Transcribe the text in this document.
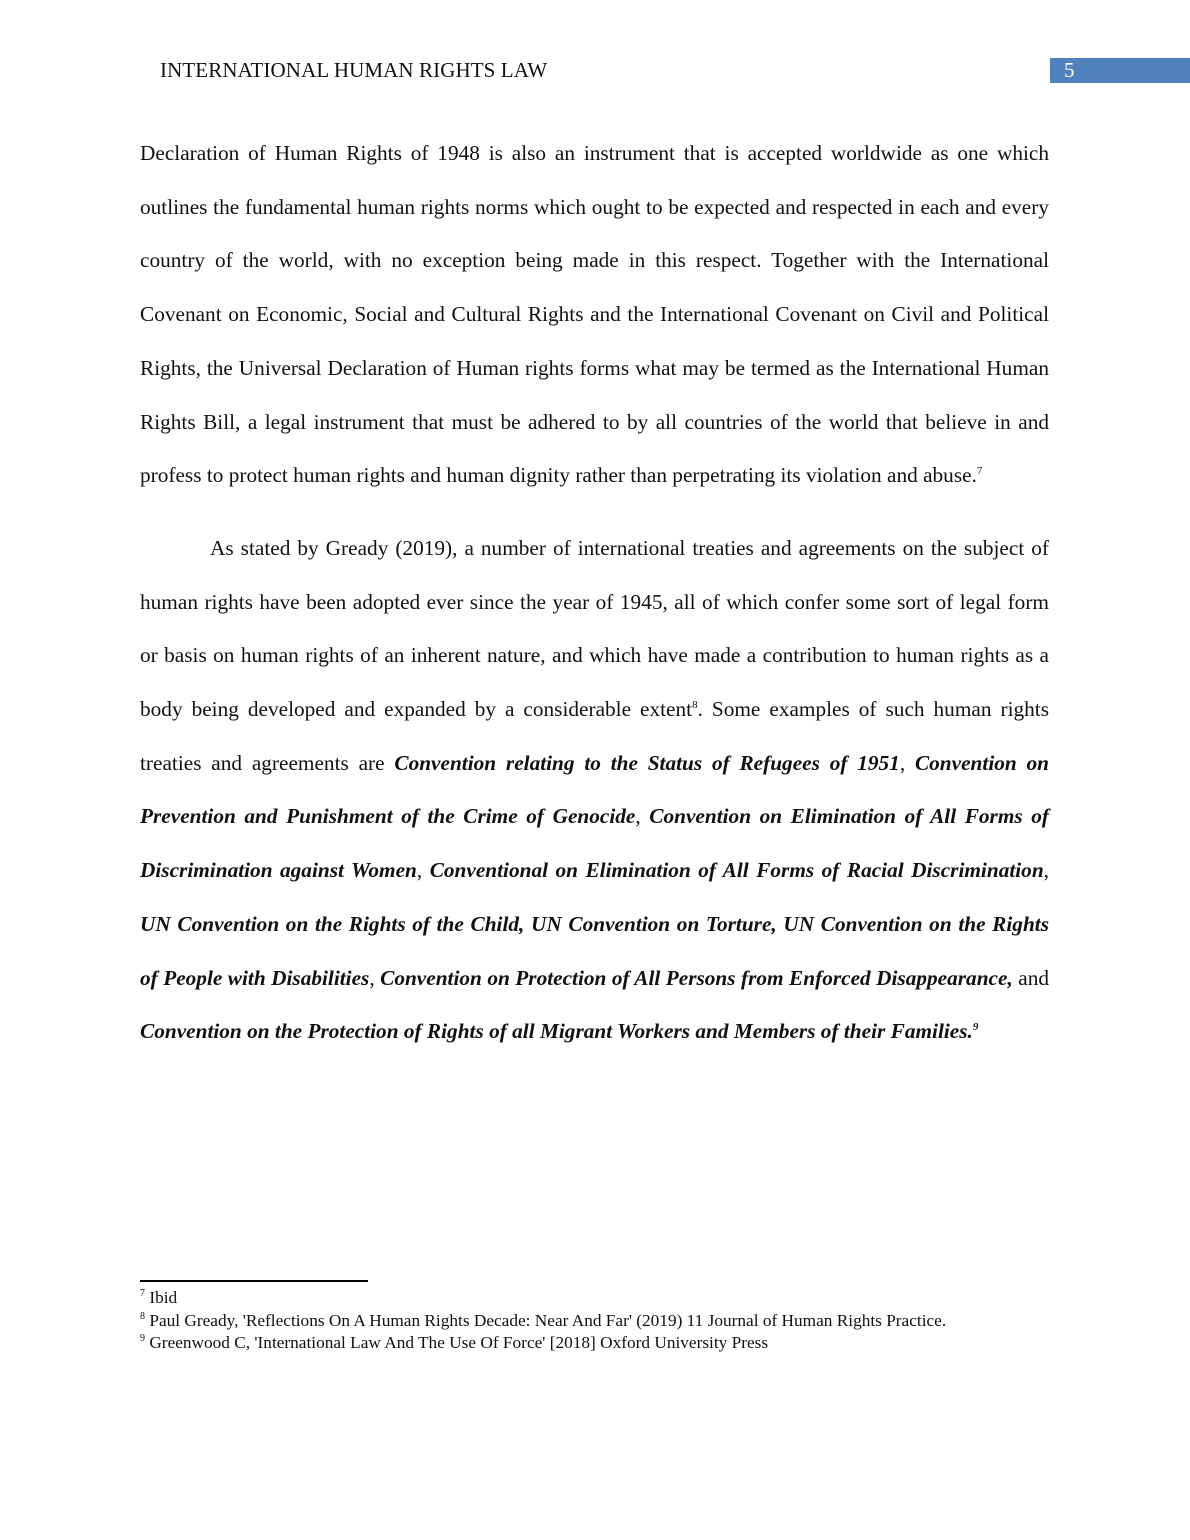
INTERNATIONAL HUMAN RIGHTS LAW	5

Declaration of Human Rights of 1948 is also an instrument that is accepted worldwide as one which outlines the fundamental human rights norms which ought to be expected and respected in each and every country of the world, with no exception being made in this respect. Together with the International Covenant on Economic, Social and Cultural Rights and the International Covenant on Civil and Political Rights, the Universal Declaration of Human rights forms what may be termed as the International Human Rights Bill, a legal instrument that must be adhered to by all countries of the world that believe in and profess to protect human rights and human dignity rather than perpetrating its violation and abuse.$^7$

As stated by Gready (2019), a number of international treaties and agreements on the subject of human rights have been adopted ever since the year of 1945, all of which confer some sort of legal form or basis on human rights of an inherent nature, and which have made a contribution to human rights as a body being developed and expanded by a considerable extent$^8$. Some examples of such human rights treaties and agreements are Convention relating to the Status of Refugees of 1951, Convention on Prevention and Punishment of the Crime of Genocide, Convention on Elimination of All Forms of Discrimination against Women, Conventional on Elimination of All Forms of Racial Discrimination, UN Convention on the Rights of the Child, UN Convention on Torture, UN Convention on the Rights of People with Disabilities, Convention on Protection of All Persons from Enforced Disappearance, and Convention on the Protection of Rights of all Migrant Workers and Members of their Families.$^9$

$^7$ Ibid

$^8$ Paul Gready, 'Reflections On A Human Rights Decade: Near And Far' (2019) 11 Journal of Human Rights Practice.

$^9$ Greenwood C, 'International Law And The Use Of Force' [2018] Oxford University Press
